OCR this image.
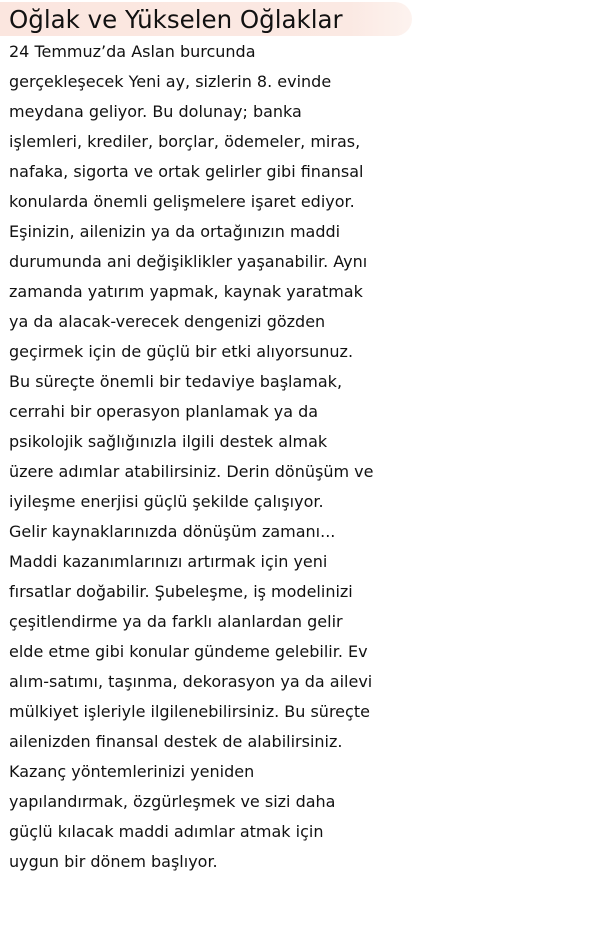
Oğlak ve Yükselen Oğlaklar
24 Temmuz’da Aslan burcunda
gerçekleşecek Yeni ay, sizlerin 8. evinde
meydana geliyor. Bu dolunay; banka
işlemleri, krediler, borçlar, ödemeler, miras,
nafaka, sigorta ve ortak gelirler gibi finansal
konularda önemli gelişmelere işaret ediyor.
Eşinizin, ailenizin ya da ortağınızın maddi
durumunda ani değişiklikler yaşanabilir. Aynı
zamanda yatırım yapmak, kaynak yaratmak
ya da alacak-verecek dengenizi gözden
geçirmek için de güçlü bir etki alıyorsunuz.
Bu süreçte önemli bir tedaviye başlamak,
cerrahi bir operasyon planlamak ya da
psikolojik sağlığınızla ilgili destek almak
üzere adımlar atabilirsiniz. Derin dönüşüm ve
iyileşme enerjisi güçlü şekilde çalışıyor.
Gelir kaynaklarınızda dönüşüm zamanı...
Maddi kazanımlarınızı artırmak için yeni
fırsatlar doğabilir. Şubeleşme, iş modelinizi
çeşitlendirme ya da farklı alanlardan gelir
elde etme gibi konular gündeme gelebilir. Ev
alım-satımı, taşınma, dekorasyon ya da ailevi
mülkiyet işleriyle ilgilenebilirsiniz. Bu süreçte
ailenizden finansal destek de alabilirsiniz.
Kazanç yöntemlerinizi yeniden
yapılandırmak, özgürleşmek ve sizi daha
güçlü kılacak maddi adımlar atmak için
uygun bir dönem başlıyor.
